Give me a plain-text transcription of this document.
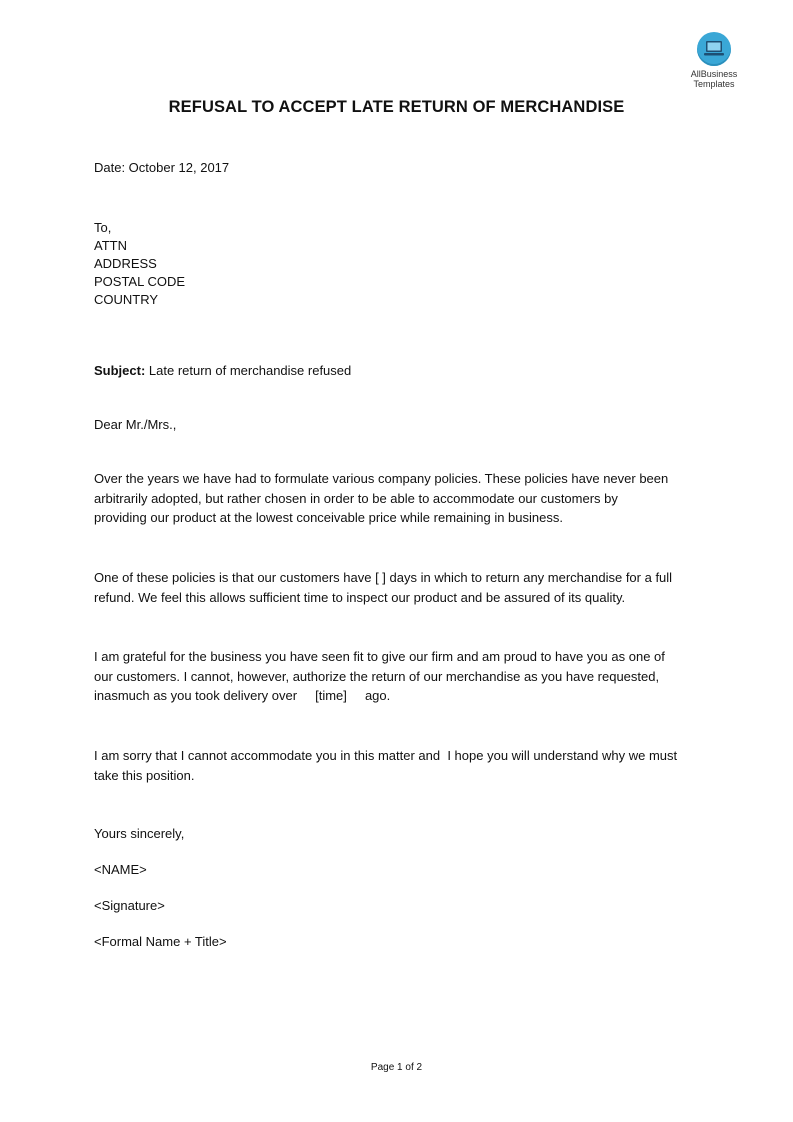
AllBusiness
Templates
REFUSAL TO ACCEPT LATE RETURN OF MERCHANDISE
Date: October 12, 2017
To,
ATTN
ADDRESS
POSTAL CODE
COUNTRY
Subject: Late return of merchandise refused
Dear Mr./Mrs.,
Over the years we have had to formulate various company policies. These policies have never been
arbitrarily adopted, but rather chosen in order to be able to accommodate our customers by
providing our product at the lowest conceivable price while remaining in business.
One of these policies is that our customers have [ ] days in which to return any merchandise for a full
refund. We feel this allows sufficient time to inspect our product and be assured of its quality.
I am grateful for the business you have seen fit to give our firm and am proud to have you as one of
our customers. I cannot, however, authorize the return of our merchandise as you have requested,
inasmuch as you took delivery over     [time]     ago.
I am sorry that I cannot accommodate you in this matter and  I hope you will understand why we must
take this position.
Yours sincerely,
<NAME>
<Signature>
<Formal Name + Title>
Page 1 of 2
